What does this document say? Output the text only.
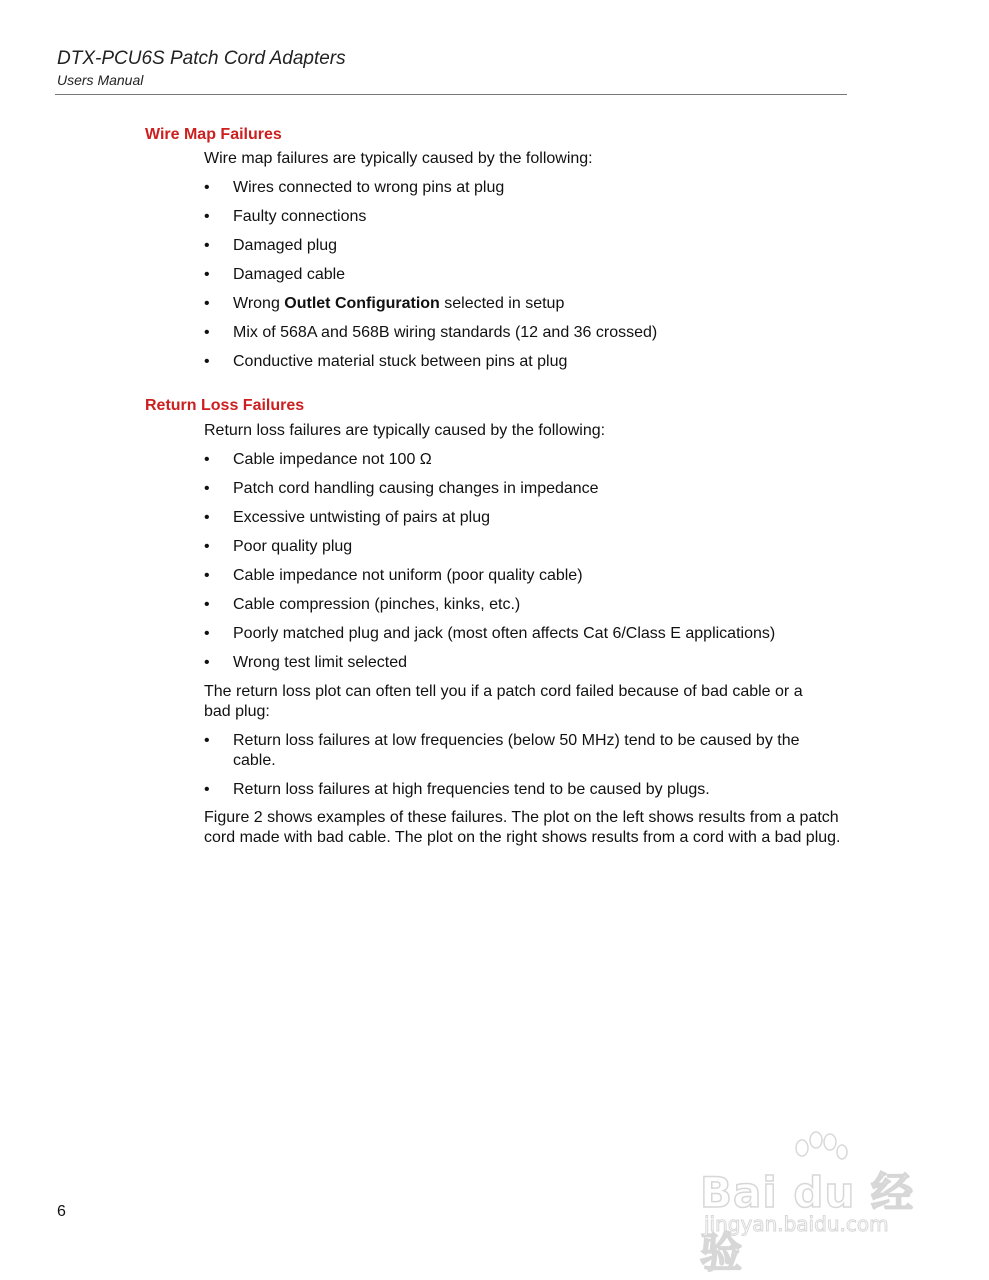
DTX-PCU6S Patch Cord Adapters
Users Manual
Wire Map Failures
Wire map failures are typically caused by the following:
•	Wires connected to wrong pins at plug
•	Faulty connections
•	Damaged plug
•	Damaged cable
•	Wrong Outlet Configuration selected in setup
•	Mix of 568A and 568B wiring standards (12 and 36 crossed)
•	Conductive material stuck between pins at plug
Return Loss Failures
Return loss failures are typically caused by the following:
•	Cable impedance not 100 Ω
•	Patch cord handling causing changes in impedance
•	Excessive untwisting of pairs at plug
•	Poor quality plug
•	Cable impedance not uniform (poor quality cable)
•	Cable compression (pinches, kinks, etc.)
•	Poorly matched plug and jack (most often affects Cat 6/Class E applications)
•	Wrong test limit selected
The return loss plot can often tell you if a patch cord failed because of bad cable or a bad plug:
•	Return loss failures at low frequencies (below 50 MHz) tend to be caused by the cable.
•	Return loss failures at high frequencies tend to be caused by plugs.
Figure 2 shows examples of these failures. The plot on the left shows results from a patch cord made with bad cable. The plot on the right shows results from a cord with a bad plug.
6	Bai du 经验
jingyan.baidu.com
